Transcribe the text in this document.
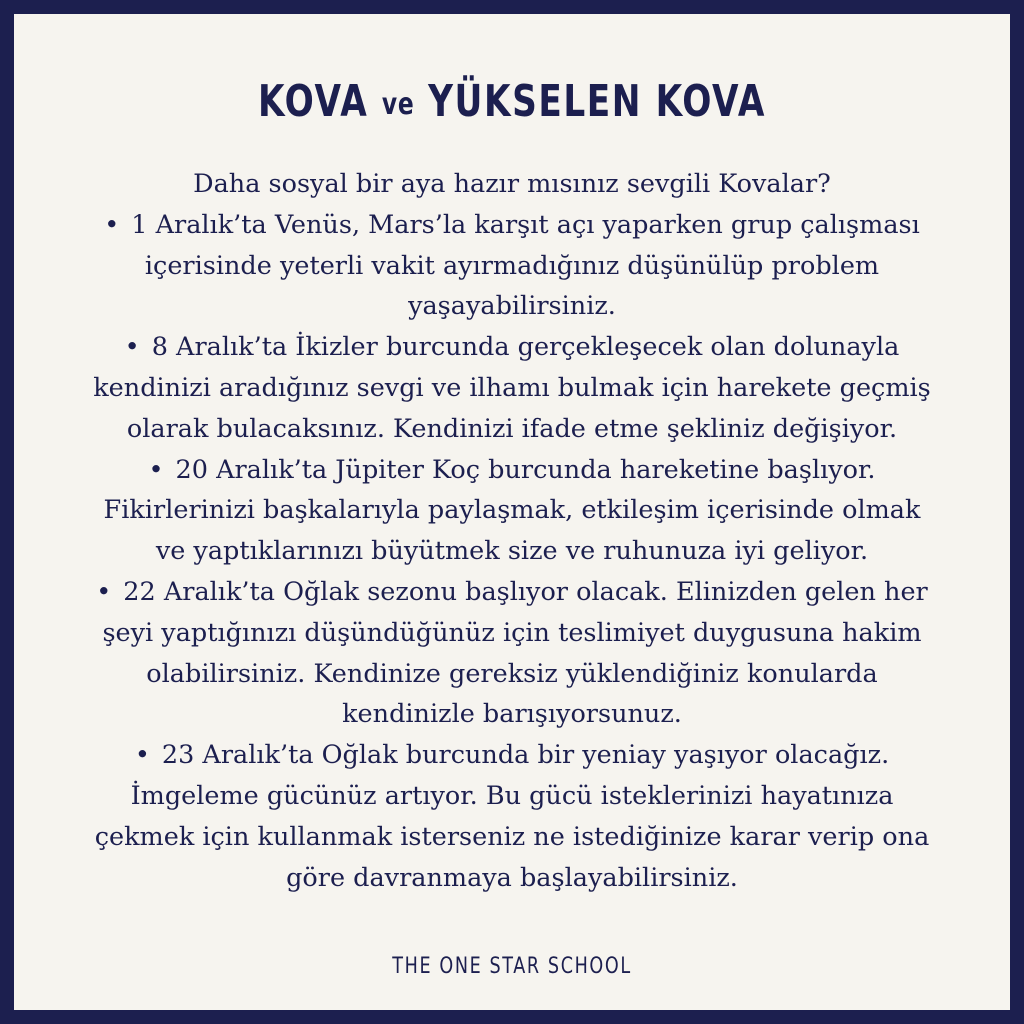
KOVA ve YÜKSELEN KOVA
Daha sosyal bir aya hazır mısınız sevgili Kovalar?
• 1 Aralık’ta Venüs, Mars’la karşıt açı yaparken grup çalışması
içerisinde yeterli vakit ayırmadığınız düşünülüp problem
yaşayabilirsiniz.
• 8 Aralık’ta İkizler burcunda gerçekleşecek olan dolunayla
kendinizi aradığınız sevgi ve ilhamı bulmak için harekete geçmiş
olarak bulacaksınız. Kendinizi ifade etme şekliniz değişiyor.
• 20 Aralık’ta Jüpiter Koç burcunda hareketine başlıyor.
Fikirlerinizi başkalarıyla paylaşmak, etkileşim içerisinde olmak
ve yaptıklarınızı büyütmek size ve ruhunuza iyi geliyor.
• 22 Aralık’ta Oğlak sezonu başlıyor olacak. Elinizden gelen her
şeyi yaptığınızı düşündüğünüz için teslimiyet duygusuna hakim
olabilirsiniz. Kendinize gereksiz yüklendiğiniz konularda
kendinizle barışıyorsunuz.
• 23 Aralık’ta Oğlak burcunda bir yeniay yaşıyor olacağız.
İmgeleme gücünüz artıyor. Bu gücü isteklerinizi hayatınıza
çekmek için kullanmak isterseniz ne istediğinize karar verip ona
göre davranmaya başlayabilirsiniz.
THE ONE STAR SCHOOL
